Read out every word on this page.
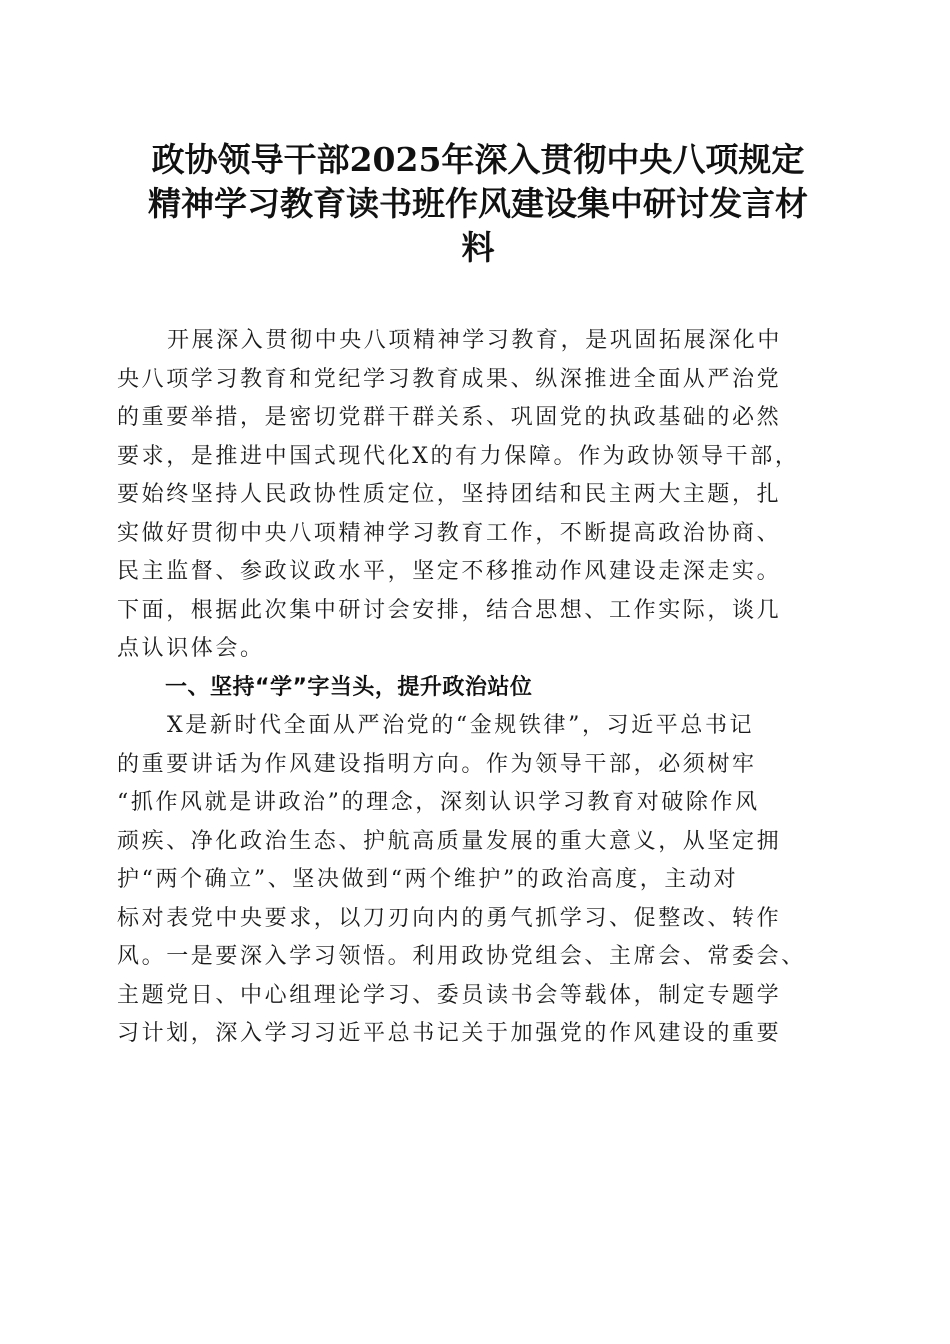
政协领导干部2025年深入贯彻中央八项规定
精神学习教育读书班作风建设集中研讨发言材
料
开展深入贯彻中央八项精神学习教育，是巩固拓展深化中
央八项学习教育和党纪学习教育成果、纵深推进全面从严治党
的重要举措，是密切党群干群关系、巩固党的执政基础的必然
要求，是推进中国式现代化X的有力保障。作为政协领导干部，
要始终坚持人民政协性质定位，坚持团结和民主两大主题，扎
实做好贯彻中央八项精神学习教育工作，不断提高政治协商、
民主监督、参政议政水平，坚定不移推动作风建设走深走实。
下面，根据此次集中研讨会安排，结合思想、工作实际，谈几
点认识体会。
一、坚持“学”字当头，提升政治站位
X是新时代全面从严治党的“金规铁律”，习近平总书记
的重要讲话为作风建设指明方向。作为领导干部，必须树牢
“抓作风就是讲政治”的理念，深刻认识学习教育对破除作风
顽疾、净化政治生态、护航高质量发展的重大意义，从坚定拥
护“两个确立”、坚决做到“两个维护”的政治高度，主动对
标对表党中央要求，以刀刃向内的勇气抓学习、促整改、转作
风。一是要深入学习领悟。利用政协党组会、主席会、常委会、
主题党日、中心组理论学习、委员读书会等载体，制定专题学
习计划，深入学习习近平总书记关于加强党的作风建设的重要
